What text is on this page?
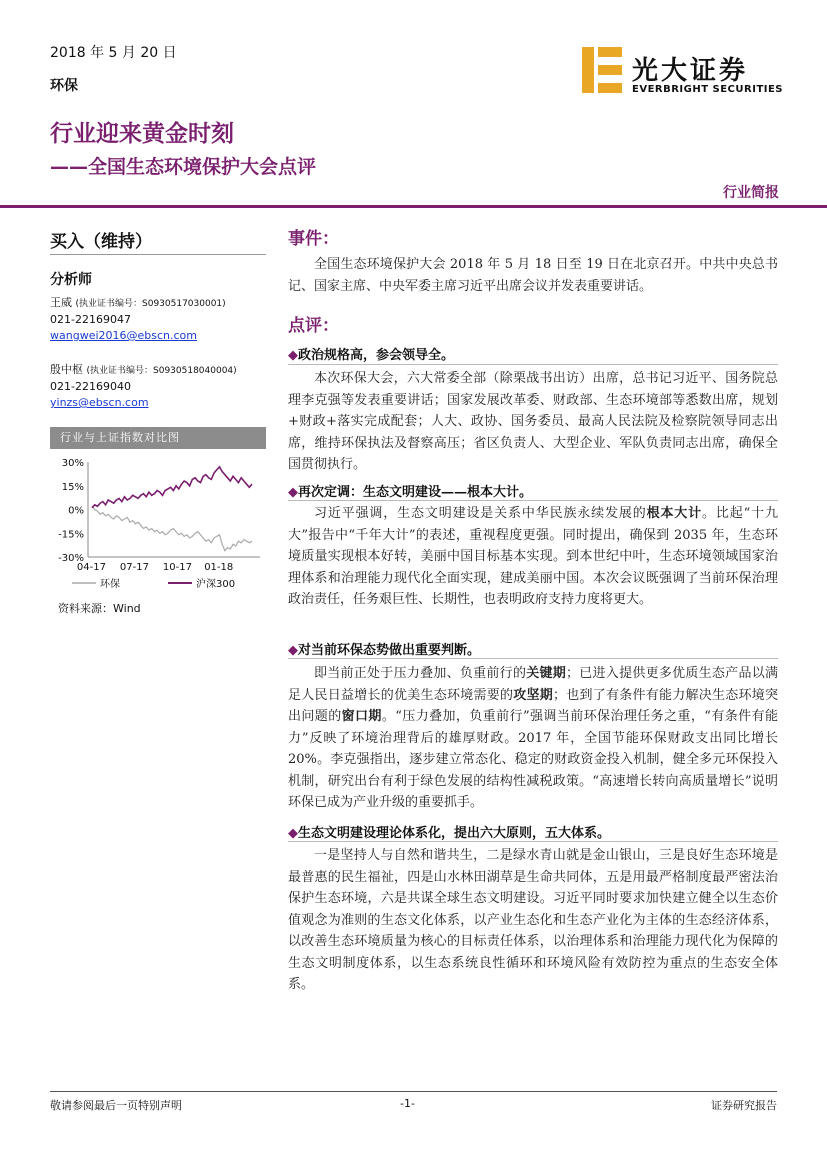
2018 年 5 月 20 日
环保
行业迎来黄金时刻
——全国生态环境保护大会点评
行业简报
光大证券
EVERBRIGHT SECURITIES
买入（维持）
分析师
王威 (执业证书编号：S0930517030001)
021-22169047
wangwei2016@ebscn.com
殷中枢 (执业证书编号：S0930518040004)
021-22169040
yinzs@ebscn.com
行业与上证指数对比图
30%
15%
0%
-15%
-30%
04-17 07-17 10-17 01-18
环保	沪深300
资料来源：Wind
事件：
全国生态环境保护大会 2018 年 5 月 18 日至 19 日在北京召开。中共中央总书记、国家主席、中央军委主席习近平出席会议并发表重要讲话。
点评：
◆政治规格高，参会领导全。
本次环保大会，六大常委全部（除栗战书出访）出席，总书记习近平、国务院总理李克强等发表重要讲话；国家发展改革委、财政部、生态环境部等悉数出席，规划+财政+落实完成配套；人大、政协、国务委员、最高人民法院及检察院领导同志出席，维持环保执法及督察高压；省区负责人、大型企业、军队负责同志出席，确保全国贯彻执行。
◆再次定调：生态文明建设——根本大计。
习近平强调，生态文明建设是关系中华民族永续发展的根本大计。比起“十九大”报告中“千年大计”的表述，重视程度更强。同时提出，确保到 2035 年，生态环境质量实现根本好转，美丽中国目标基本实现。到本世纪中叶，生态环境领域国家治理体系和治理能力现代化全面实现，建成美丽中国。本次会议既强调了当前环保治理政治责任，任务艰巨性、长期性，也表明政府支持力度将更大。
◆对当前环保态势做出重要判断。
即当前正处于压力叠加、负重前行的关键期；已进入提供更多优质生态产品以满足人民日益增长的优美生态环境需要的攻坚期；也到了有条件有能力解决生态环境突出问题的窗口期。“压力叠加，负重前行”强调当前环保治理任务之重，“有条件有能力”反映了环境治理背后的雄厚财政。2017 年，全国节能环保财政支出同比增长 20%。李克强指出，逐步建立常态化、稳定的财政资金投入机制，健全多元环保投入机制，研究出台有利于绿色发展的结构性减税政策。“高速增长转向高质量增长”说明环保已成为产业升级的重要抓手。
◆生态文明建设理论体系化，提出六大原则，五大体系。
一是坚持人与自然和谐共生，二是绿水青山就是金山银山，三是良好生态环境是最普惠的民生福祉，四是山水林田湖草是生命共同体，五是用最严格制度最严密法治保护生态环境，六是共谋全球生态文明建设。习近平同时要求加快建立健全以生态价值观念为准则的生态文化体系，以产业生态化和生态产业化为主体的生态经济体系，以改善生态环境质量为核心的目标责任体系，以治理体系和治理能力现代化为保障的生态文明制度体系，以生态系统良性循环和环境风险有效防控为重点的生态安全体系。
敬请参阅最后一页特别声明	-1-	证券研究报告
